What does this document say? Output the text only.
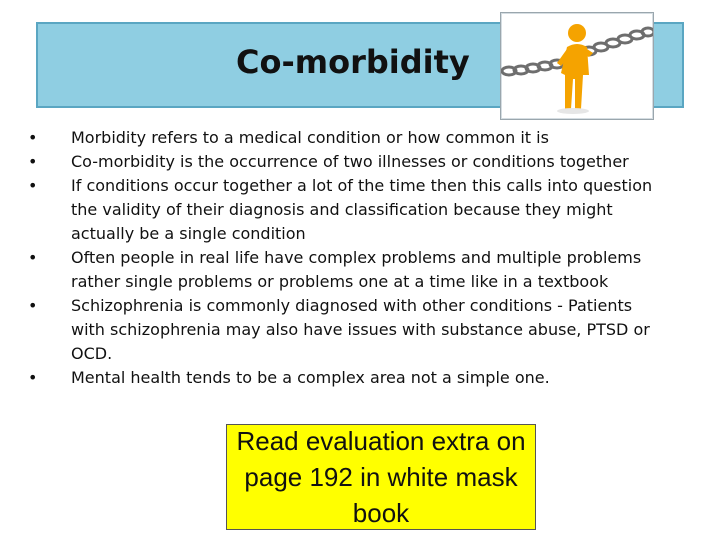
Co-morbidity
•	Morbidity refers to a medical condition or how common it is
•	Co-morbidity is the occurrence of two illnesses or conditions together
•	If conditions occur together a lot of the time then this calls into question the validity of their diagnosis and classification because they might actually be a single condition
•	Often people in real life have complex problems and multiple problems rather single problems or problems one at a time like in a textbook
•	Schizophrenia is commonly diagnosed with other conditions - Patients with schizophrenia may also have issues with substance abuse, PTSD or OCD.
•	Mental health tends to be a complex area not a simple one.
Read evaluation extra on page 192 in white mask book
